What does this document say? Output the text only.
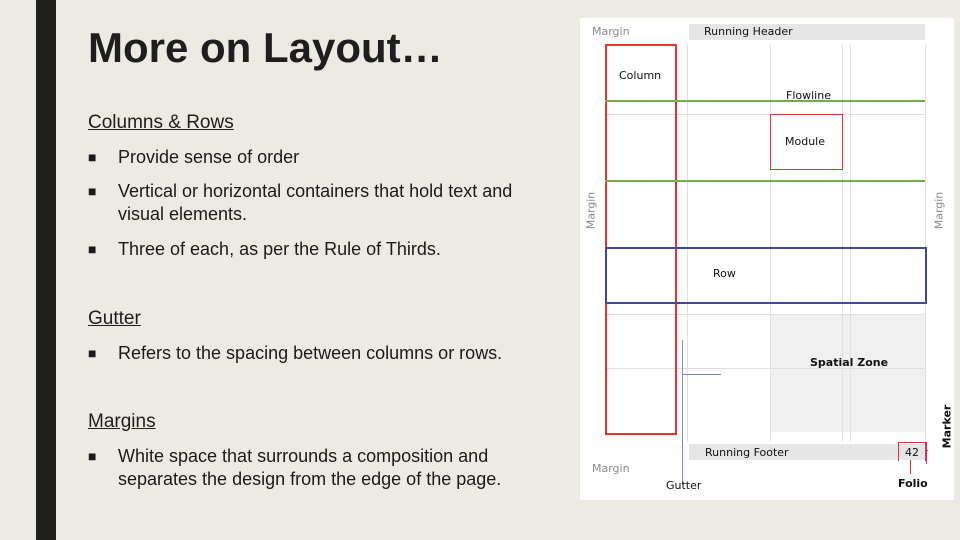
More on Layout…
Columns & Rows
■	Provide sense of order
■	Vertical or horizontal containers that hold text and visual elements.
■	Three of each, as per the Rule of Thirds.
Gutter
■	Refers to the spacing between columns or rows.
Margins
■	White space that surrounds a composition and separates the design from the edge of the page.
Running Header
Margin
Column
Flowline
Module
Row
Margin	Margin
Spatial Zone
Marker
Running Footer	42
Margin
Gutter	Folio
